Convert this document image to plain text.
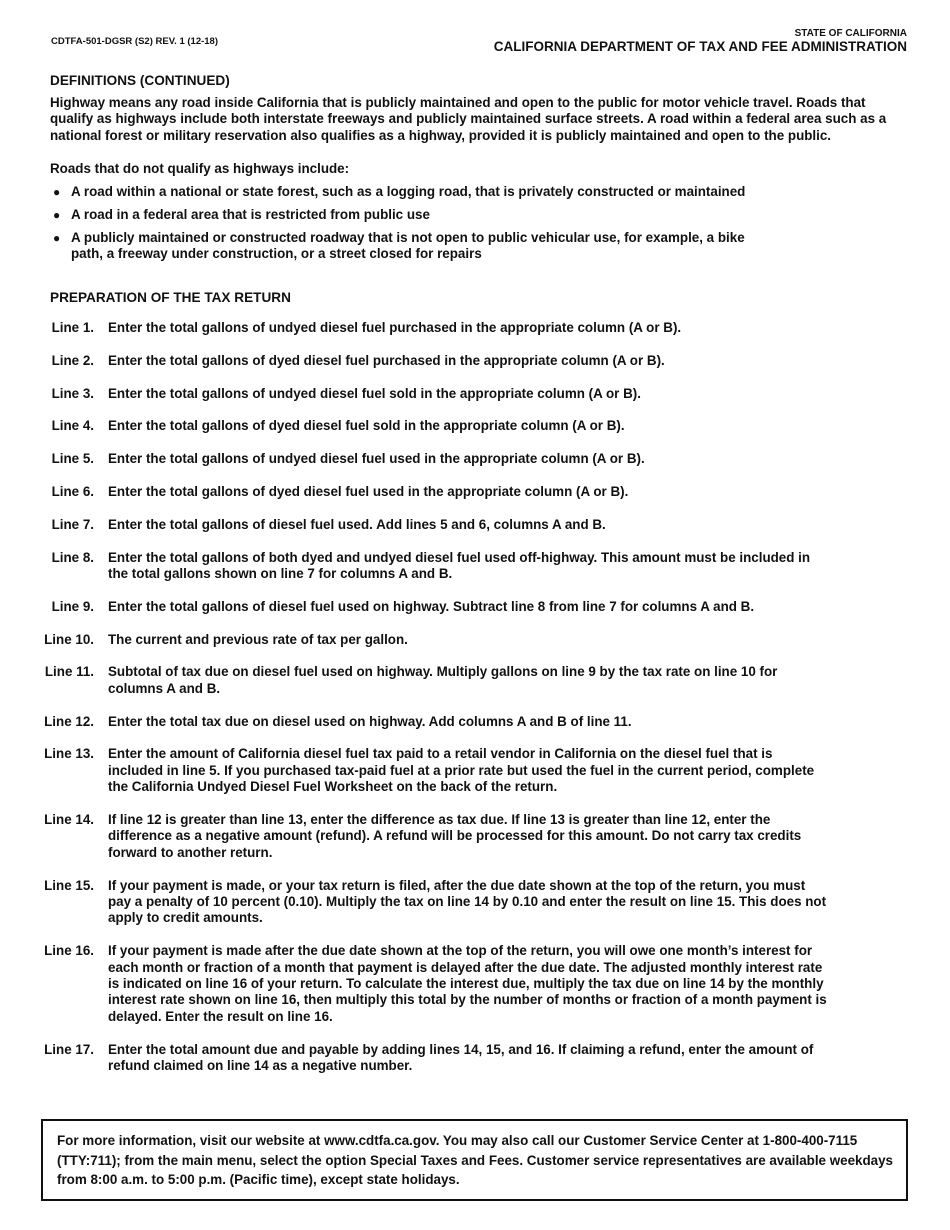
CDTFA-501-DGSR (S2) REV. 1 (12-18)
STATE OF CALIFORNIA
CALIFORNIA DEPARTMENT OF TAX AND FEE ADMINISTRATION
DEFINITIONS (CONTINUED)
Highway means any road inside California that is publicly maintained and open to the public for motor vehicle travel. Roads that qualify as highways include both interstate freeways and publicly maintained surface streets. A road within a federal area such as a national forest or military reservation also qualifies as a highway, provided it is publicly maintained and open to the public.
Roads that do not qualify as highways include:
● A road within a national or state forest, such as a logging road, that is privately constructed or maintained
● A road in a federal area that is restricted from public use
● A publicly maintained or constructed roadway that is not open to public vehicular use, for example, a bike path, a freeway under construction, or a street closed for repairs
PREPARATION OF THE TAX RETURN
Line 1. Enter the total gallons of undyed diesel fuel purchased in the appropriate column (A or B).
Line 2. Enter the total gallons of dyed diesel fuel purchased in the appropriate column (A or B).
Line 3. Enter the total gallons of undyed diesel fuel sold in the appropriate column (A or B).
Line 4. Enter the total gallons of dyed diesel fuel sold in the appropriate column (A or B).
Line 5. Enter the total gallons of undyed diesel fuel used in the appropriate column (A or B).
Line 6. Enter the total gallons of dyed diesel fuel used in the appropriate column (A or B).
Line 7. Enter the total gallons of diesel fuel used. Add lines 5 and 6, columns A and B.
Line 8. Enter the total gallons of both dyed and undyed diesel fuel used off-highway. This amount must be included in the total gallons shown on line 7 for columns A and B.
Line 9. Enter the total gallons of diesel fuel used on highway. Subtract line 8 from line 7 for columns A and B.
Line 10. The current and previous rate of tax per gallon.
Line 11. Subtotal of tax due on diesel fuel used on highway. Multiply gallons on line 9 by the tax rate on line 10 for columns A and B.
Line 12. Enter the total tax due on diesel used on highway. Add columns A and B of line 11.
Line 13. Enter the amount of California diesel fuel tax paid to a retail vendor in California on the diesel fuel that is included in line 5. If you purchased tax-paid fuel at a prior rate but used the fuel in the current period, complete the California Undyed Diesel Fuel Worksheet on the back of the return.
Line 14. If line 12 is greater than line 13, enter the difference as tax due. If line 13 is greater than line 12, enter the difference as a negative amount (refund). A refund will be processed for this amount. Do not carry tax credits forward to another return.
Line 15. If your payment is made, or your tax return is filed, after the due date shown at the top of the return, you must pay a penalty of 10 percent (0.10). Multiply the tax on line 14 by 0.10 and enter the result on line 15. This does not apply to credit amounts.
Line 16. If your payment is made after the due date shown at the top of the return, you will owe one month’s interest for each month or fraction of a month that payment is delayed after the due date. The adjusted monthly interest rate is indicated on line 16 of your return. To calculate the interest due, multiply the tax due on line 14 by the monthly interest rate shown on line 16, then multiply this total by the number of months or fraction of a month payment is delayed. Enter the result on line 16.
Line 17. Enter the total amount due and payable by adding lines 14, 15, and 16. If claiming a refund, enter the amount of refund claimed on line 14 as a negative number.
For more information, visit our website at www.cdtfa.ca.gov. You may also call our Customer Service Center at 1-800-400-7115 (TTY:711); from the main menu, select the option Special Taxes and Fees. Customer service representatives are available weekdays from 8:00 a.m. to 5:00 p.m. (Pacific time), except state holidays.
